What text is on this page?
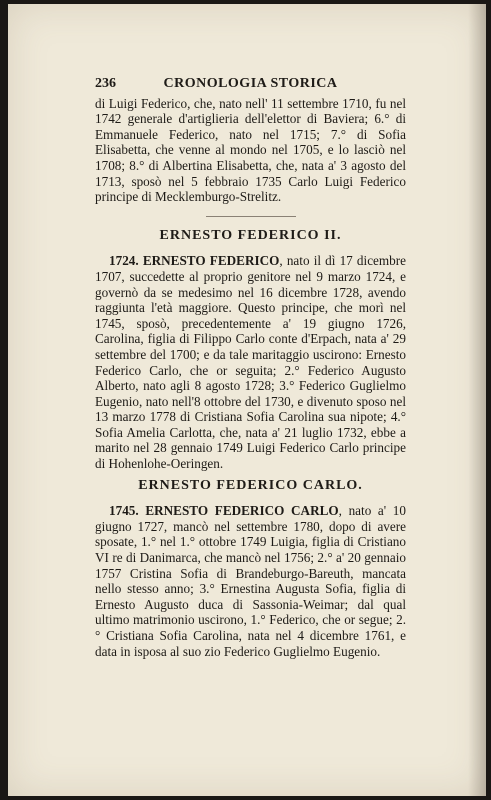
236	CRONOLOGIA STORICA

di Luigi Federico, che, nato nell' 11 settembre 1710, fu nel 1742 generale d'artiglieria dell'elettor di Baviera; 6.° di Emmanuele Federico, nato nel 1715; 7.° di Sofia Elisabetta, che venne al mondo nel 1705, e lo lasciò nel 1708; 8.° di Albertina Elisabetta, che, nata a' 3 agosto del 1713, sposò nel 5 febbraio 1735 Carlo Luigi Federico principe di Mecklemburgo-Strelitz.

ERNESTO FEDERICO II.

1724. ERNESTO FEDERICO, nato il dì 17 dicembre 1707, succedette al proprio genitore nel 9 marzo 1724, e governò da se medesimo nel 16 dicembre 1728, avendo raggiunta l'età maggiore. Questo principe, che morì nel 1745, sposò, precedentemente a' 19 giugno 1726, Carolina, figlia di Filippo Carlo conte d'Erpach, nata a' 29 settembre del 1700; e da tale maritaggio uscirono: Ernesto Federico Carlo, che or seguita; 2.° Federico Augusto Alberto, nato agli 8 agosto 1728; 3.° Federico Guglielmo Eugenio, nato nell'8 ottobre del 1730, e divenuto sposo nel 13 marzo 1778 di Cristiana Sofia Carolina sua nipote; 4.° Sofia Amelia Carlotta, che, nata a' 21 luglio 1732, ebbe a marito nel 28 gennaio 1749 Luigi Federico Carlo principe di Hohenlohe-Oeringen.

ERNESTO FEDERICO CARLO.

1745. ERNESTO FEDERICO CARLO, nato a' 10 giugno 1727, mancò nel settembre 1780, dopo di avere sposate, 1.° nel 1.° ottobre 1749 Luigia, figlia di Cristiano VI re di Danimarca, che mancò nel 1756; 2.° a' 20 gennaio 1757 Cristina Sofia di Brandeburgo-Bareuth, mancata nello stesso anno; 3.° Ernestina Augusta Sofia, figlia di Ernesto Augusto duca di Sassonia-Weimar; dal qual ultimo matrimonio uscirono, 1.° Federico, che or segue; 2.° Cristiana Sofia Carolina, nata nel 4 dicembre 1761, e data in isposa al suo zio Federico Guglielmo Eugenio.
